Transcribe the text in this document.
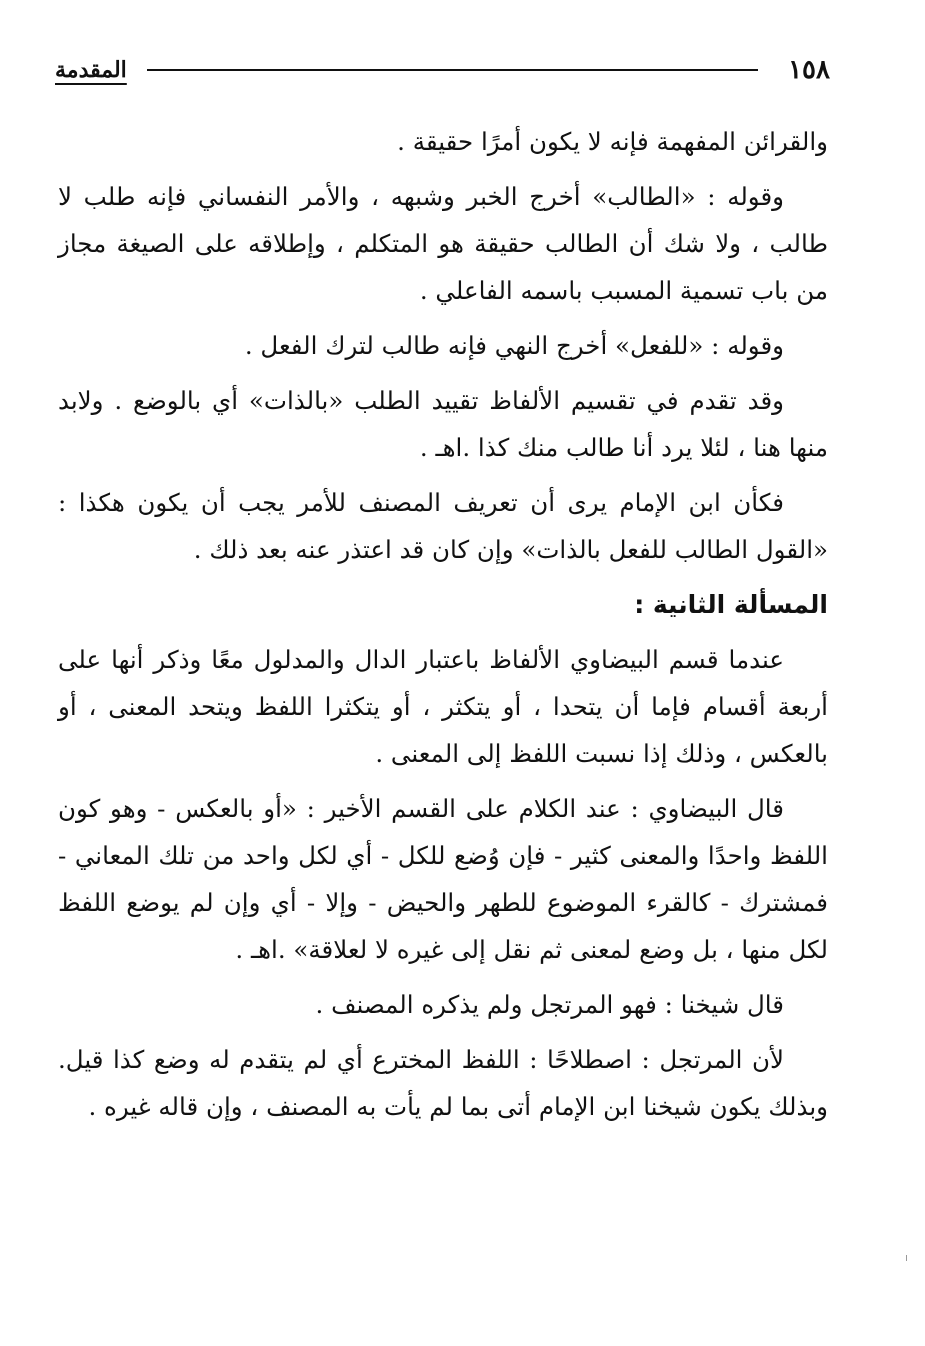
١٥٨
المقدمة

والقرائن المفهمة فإنه لا يكون أمرًا حقيقة .

وقوله : «الطالب» أخرج الخبر وشبهه ، والأمر النفساني فإنه طلب لا طالب ، ولا شك أن الطالب حقيقة هو المتكلم ، وإطلاقه على الصيغة مجاز من باب تسمية المسبب باسمه الفاعلي .

وقوله : «للفعل» أخرج النهي فإنه طالب لترك الفعل .

وقد تقدم في تقسيم الألفاظ تقييد الطلب «بالذات» أي بالوضع . ولابد منها هنا ، لئلا يرد أنا طالب منك كذا .اهـ .

فكأن ابن الإمام يرى أن تعريف المصنف للأمر يجب أن يكون هكذا : «القول الطالب للفعل بالذات» وإن كان قد اعتذر عنه بعد ذلك .

المسألة الثانية :

عندما قسم البيضاوي الألفاظ باعتبار الدال والمدلول معًا وذكر أنها على أربعة أقسام فإما أن يتحدا ، أو يتكثر ، أو يتكثرا اللفظ ويتحد المعنى ، أو بالعكس ، وذلك إذا نسبت اللفظ إلى المعنى .

قال البيضاوي : عند الكلام على القسم الأخير : «أو بالعكس - وهو كون اللفظ واحدًا والمعنى كثير - فإن وُضع للكل - أي لكل واحد من تلك المعاني - فمشترك - كالقرء الموضوع للطهر والحيض - وإلا - أي وإن لم يوضع اللفظ لكل منها ، بل وضع لمعنى ثم نقل إلى غيره لا لعلاقة» .اهـ .

قال شيخنا : فهو المرتجل ولم يذكره المصنف .

لأن المرتجل : اصطلاحًا : اللفظ المخترع أي لم يتقدم له وضع كذا قيل. وبذلك يكون شيخنا ابن الإمام أتى بما لم يأت به المصنف ، وإن قاله غيره .
